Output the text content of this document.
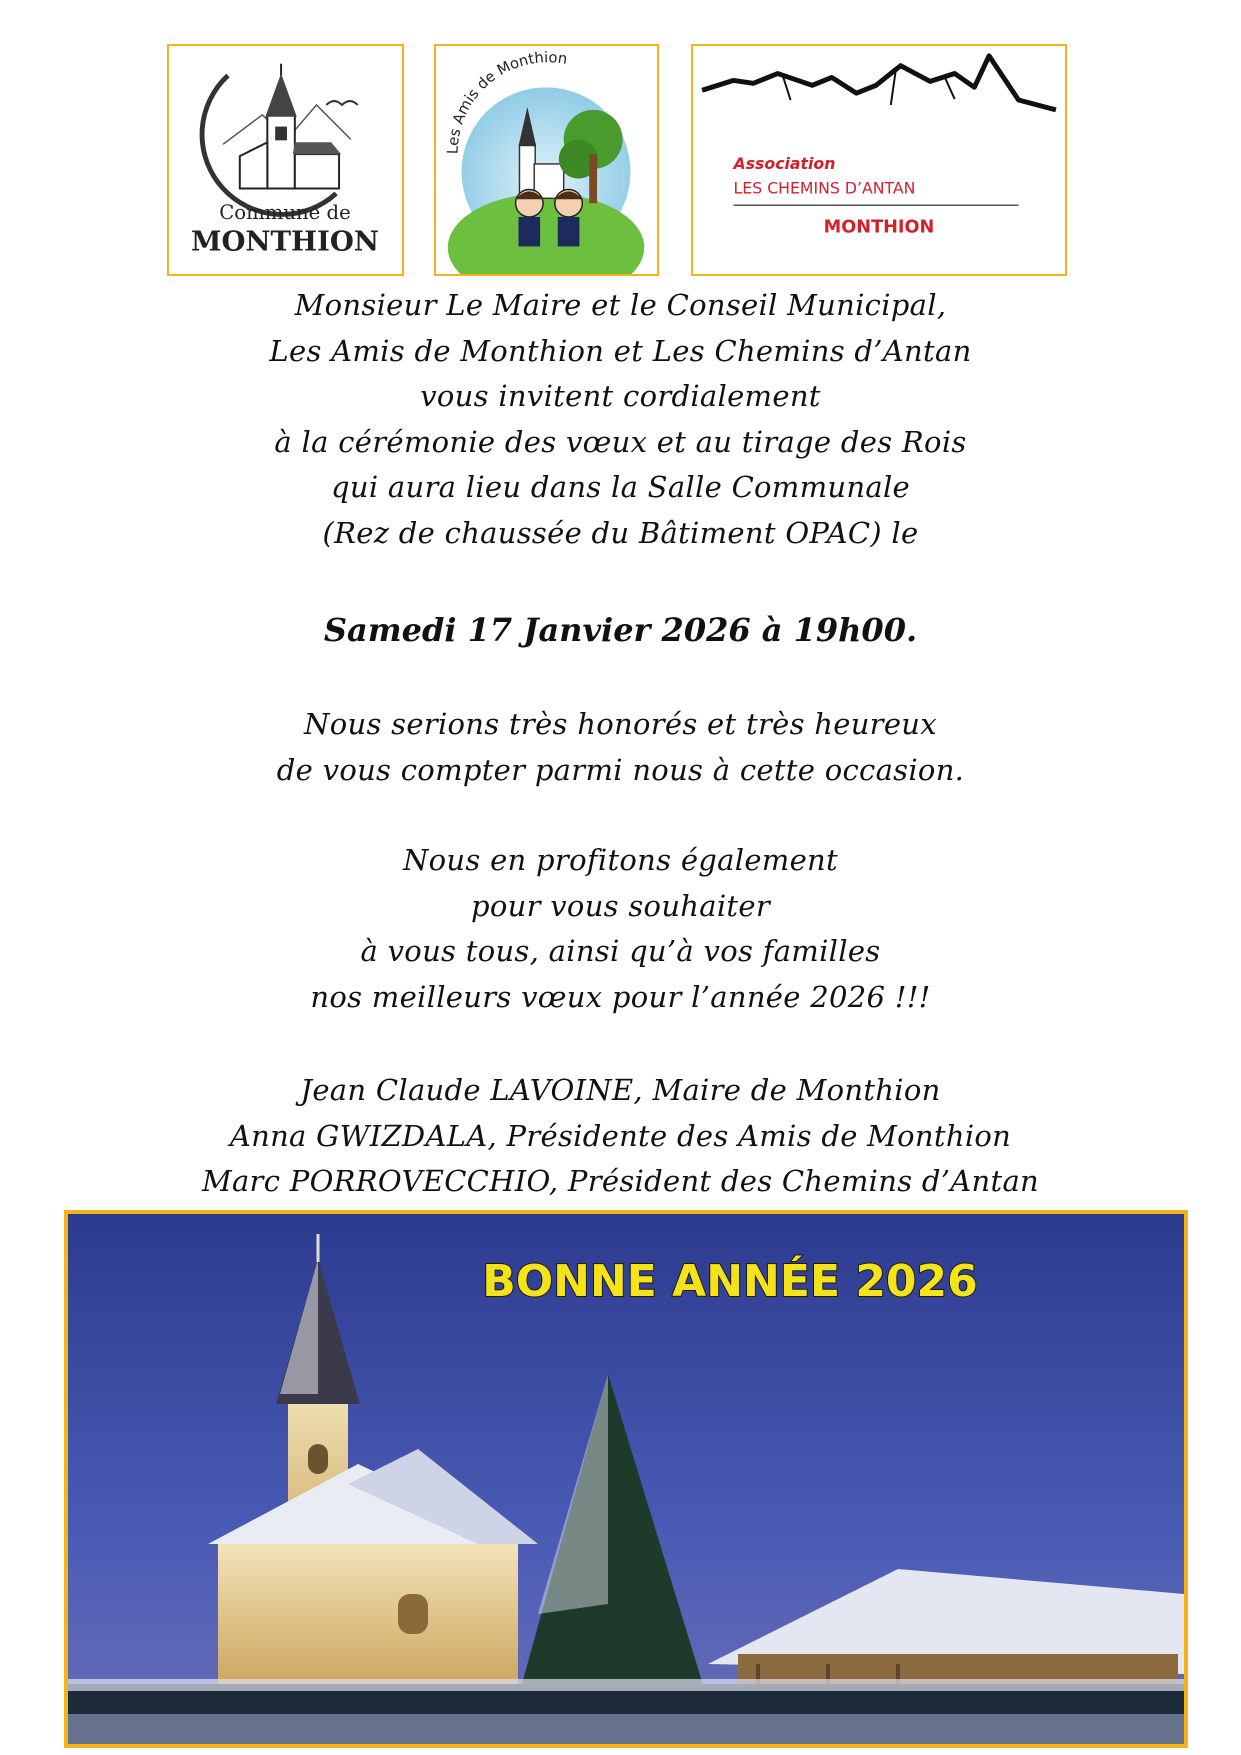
Commune de
MONTHION
Les Amis de Monthion
Association
LES CHEMINS D’ANTAN
MONTHION
Monsieur Le Maire et le Conseil Municipal,
Les Amis de Monthion et Les Chemins d’Antan
vous invitent cordialement
à la cérémonie des vœux et au tirage des Rois
qui aura lieu dans la Salle Communale
(Rez de chaussée du Bâtiment OPAC) le
Samedi 17 Janvier 2026 à 19h00.
Nous serions très honorés et très heureux
de vous compter parmi nous à cette occasion.
Nous en profitons également
pour vous souhaiter
à vous tous, ainsi qu’à vos familles
nos meilleurs vœux pour l’année 2026 !!!
Jean Claude LAVOINE, Maire de Monthion
Anna GWIZDALA, Présidente des Amis de Monthion
Marc PORROVECCHIO, Président des Chemins d’Antan
BONNE ANNÉE 2026
